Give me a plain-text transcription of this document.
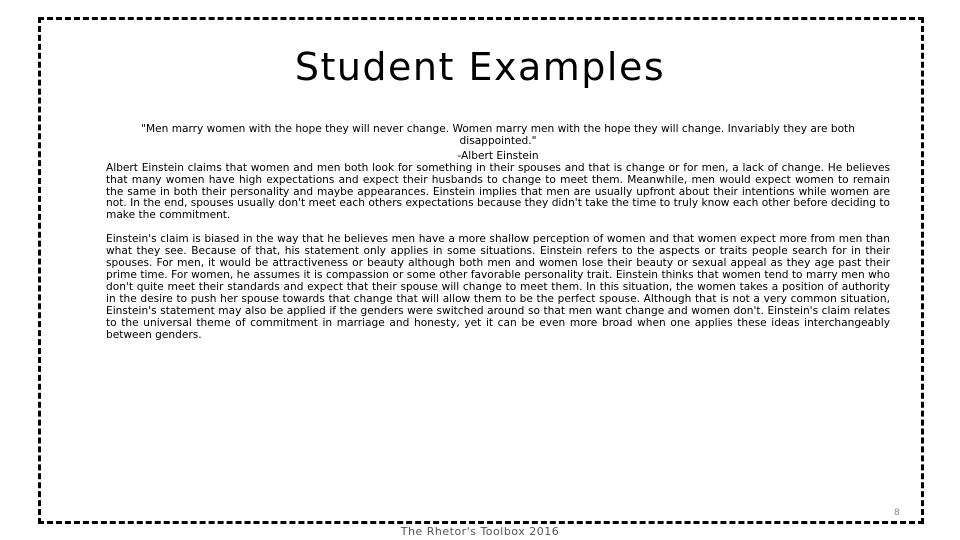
Student Examples

"Men marry women with the hope they will never change. Women marry men with the hope they will change. Invariably they are both disappointed."

-Albert Einstein

Albert Einstein claims that women and men both look for something in their spouses and that is change or for men, a lack of change. He believes that many women have high expectations and expect their husbands to change to meet them. Meanwhile, men would expect women to remain the same in both their personality and maybe appearances. Einstein implies that men are usually upfront about their intentions while women are not. In the end, spouses usually don't meet each others expectations because they didn't take the time to truly know each other before deciding to make the commitment.

Einstein's claim is biased in the way that he believes men have a more shallow perception of women and that women expect more from men than what they see. Because of that, his statement only applies in some situations. Einstein refers to the aspects or traits people search for in their spouses. For men, it would be attractiveness or beauty although both men and women lose their beauty or sexual appeal as they age past their prime time. For women, he assumes it is compassion or some other favorable personality trait. Einstein thinks that women tend to marry men who don't quite meet their standards and expect that their spouse will change to meet them. In this situation, the women takes a position of authority in the desire to push her spouse towards that change that will allow them to be the perfect spouse. Although that is not a very common situation, Einstein's statement may also be applied if the genders were switched around so that men want change and women don't. Einstein's claim relates to the universal theme of commitment in marriage and honesty, yet it can be even more broad when one applies these ideas interchangeably between genders.

8
The Rhetor's Toolbox 2016
